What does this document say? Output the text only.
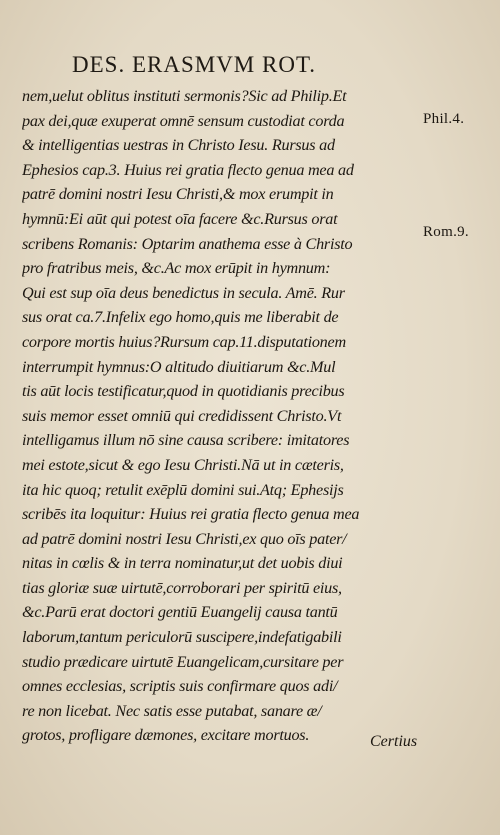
DES. ERASMVM ROT.
nem,uelut oblitus instituti sermonis?Sic ad Philip.Et
pax dei,quæ exuperat omnē sensum custodiat corda
& intelligentias uestras in Christo Iesu. Rursus ad
Ephesios cap.3. Huius rei gratia flecto genua mea ad
patrē domini nostri Iesu Christi,& mox erumpit in
hymnū:Ei aūt qui potest oīa facere &c.Rursus orat
scribens Romanis: Optarim anathema esse à Christo
pro fratribus meis, &c.Ac mox erūpit in hymnum:
Qui est sup oīa deus benedictus in secula. Amē. Rur
sus orat ca.7.Infelix ego homo,quis me liberabit de
corpore mortis huius?Rursum cap.11.disputationem
interrumpit hymnus:O altitudo diuitiarum &c.Mul
tis aūt locis testificatur,quod in quotidianis precibus
suis memor esset omniū qui credidissent Christo.Vt
intelligamus illum nō sine causa scribere: imitatores
mei estote,sicut & ego Iesu Christi.Nā ut in cæteris,
ita hic quoq; retulit exēplū domini sui.Atq; Ephesijs
scribēs ita loquitur: Huius rei gratia flecto genua mea
ad patrē domini nostri Iesu Christi,ex quo oīs pater/
nitas in cœlis & in terra nominatur,ut det uobis diui
tias gloriæ suæ uirtutē,corroborari per spiritū eius,
&c.Parū erat doctori gentiū Euangelij causa tantū
laborum,tantum periculorū suscipere,indefatigabili
studio prædicare uirtutē Euangelicam,cursitare per
omnes ecclesias, scriptis suis confirmare quos adi/
re non licebat. Nec satis esse putabat, sanare æ/
grotos, profligare dæmones, excitare mortuos.
Phil.4.
Rom.9.
Certius
